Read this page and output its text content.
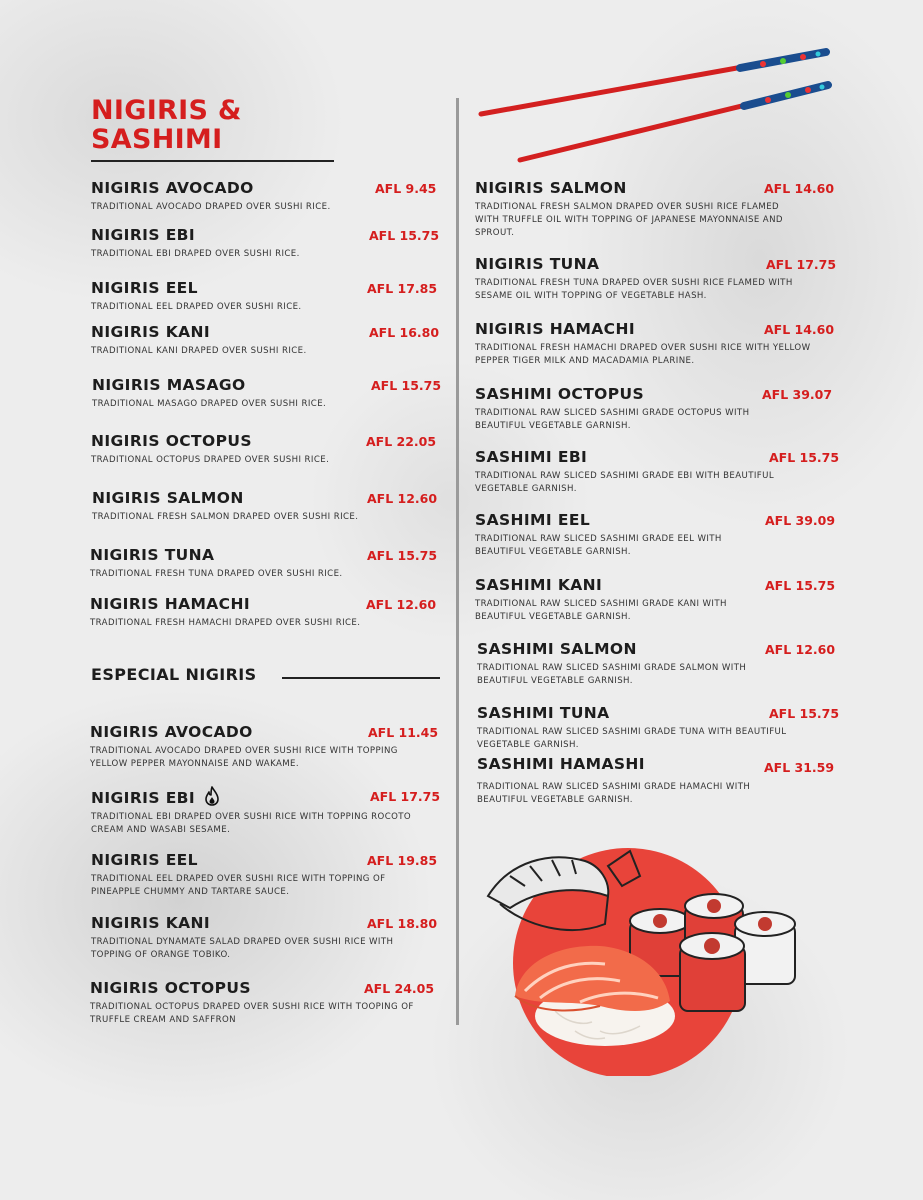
NIGIRIS &
SASHIMI
NIGIRIS AVOCADO	AFL 9.45
TRADITIONAL AVOCADO DRAPED OVER SUSHI RICE.
NIGIRIS EBI	AFL 15.75
TRADITIONAL EBI DRAPED OVER SUSHI RICE.
NIGIRIS EEL	AFL 17.85
TRADITIONAL EEL DRAPED OVER SUSHI RICE.
NIGIRIS KANI	AFL 16.80
TRADITIONAL KANI DRAPED OVER SUSHI RICE.
NIGIRIS MASAGO	AFL 15.75
TRADITIONAL MASAGO DRAPED OVER SUSHI RICE.
NIGIRIS OCTOPUS	AFL 22.05
TRADITIONAL OCTOPUS DRAPED OVER SUSHI RICE.
NIGIRIS SALMON	AFL 12.60
TRADITIONAL FRESH SALMON DRAPED OVER SUSHI RICE.
NIGIRIS TUNA	AFL 15.75
TRADITIONAL FRESH TUNA DRAPED OVER SUSHI RICE.
NIGIRIS HAMACHI	AFL 12.60
TRADITIONAL FRESH HAMACHI DRAPED OVER SUSHI RICE.
ESPECIAL NIGIRIS
NIGIRIS AVOCADO	AFL 11.45
TRADITIONAL AVOCADO DRAPED OVER SUSHI RICE WITH TOPPING YELLOW PEPPER MAYONNAISE AND WAKAME.
NIGIRIS EBI	AFL 17.75
TRADITIONAL EBI DRAPED OVER SUSHI RICE WITH TOPPING ROCOTO CREAM AND WASABI SESAME.
NIGIRIS EEL	AFL 19.85
TRADITIONAL EEL DRAPED OVER SUSHI RICE WITH TOPPING OF PINEAPPLE CHUMMY AND TARTARE SAUCE.
NIGIRIS KANI	AFL 18.80
TRADITIONAL DYNAMATE SALAD DRAPED OVER SUSHI RICE WITH TOPPING OF ORANGE TOBIKO.
NIGIRIS OCTOPUS	AFL 24.05
TRADITIONAL OCTOPUS DRAPED OVER SUSHI RICE WITH TOOPING OF TRUFFLE CREAM AND SAFFRON
NIGIRIS SALMON	AFL 14.60
TRADITIONAL FRESH SALMON DRAPED OVER SUSHI RICE FLAMED WITH TRUFFLE OIL WITH TOPPING OF JAPANESE MAYONNAISE AND SPROUT.
NIGIRIS TUNA	AFL 17.75
TRADITIONAL FRESH TUNA DRAPED OVER SUSHI RICE FLAMED WITH SESAME OIL WITH TOPPING OF VEGETABLE HASH.
NIGIRIS HAMACHI	AFL 14.60
TRADITIONAL FRESH HAMACHI DRAPED OVER SUSHI RICE WITH YELLOW PEPPER TIGER MILK AND MACADAMIA PLARINE.
SASHIMI OCTOPUS	AFL 39.07
TRADITIONAL RAW SLICED SASHIMI GRADE OCTOPUS WITH BEAUTIFUL VEGETABLE GARNISH.
SASHIMI EBI	AFL 15.75
TRADITIONAL RAW SLICED SASHIMI GRADE EBI WITH BEAUTIFUL VEGETABLE GARNISH.
SASHIMI EEL	AFL 39.09
TRADITIONAL RAW SLICED SASHIMI GRADE EEL WITH BEAUTIFUL VEGETABLE GARNISH.
SASHIMI KANI	AFL 15.75
TRADITIONAL RAW SLICED SASHIMI GRADE KANI WITH BEAUTIFUL VEGETABLE GARNISH.
SASHIMI SALMON	AFL 12.60
TRADITIONAL RAW SLICED SASHIMI GRADE SALMON WITH BEAUTIFUL VEGETABLE GARNISH.
SASHIMI TUNA	AFL 15.75
TRADITIONAL RAW SLICED SASHIMI GRADE TUNA WITH BEAUTIFUL VEGETABLE GARNISH.
SASHIMI HAMASHI	AFL 31.59
TRADITIONAL RAW SLICED SASHIMI GRADE HAMACHI WITH BEAUTIFUL VEGETABLE GARNISH.
